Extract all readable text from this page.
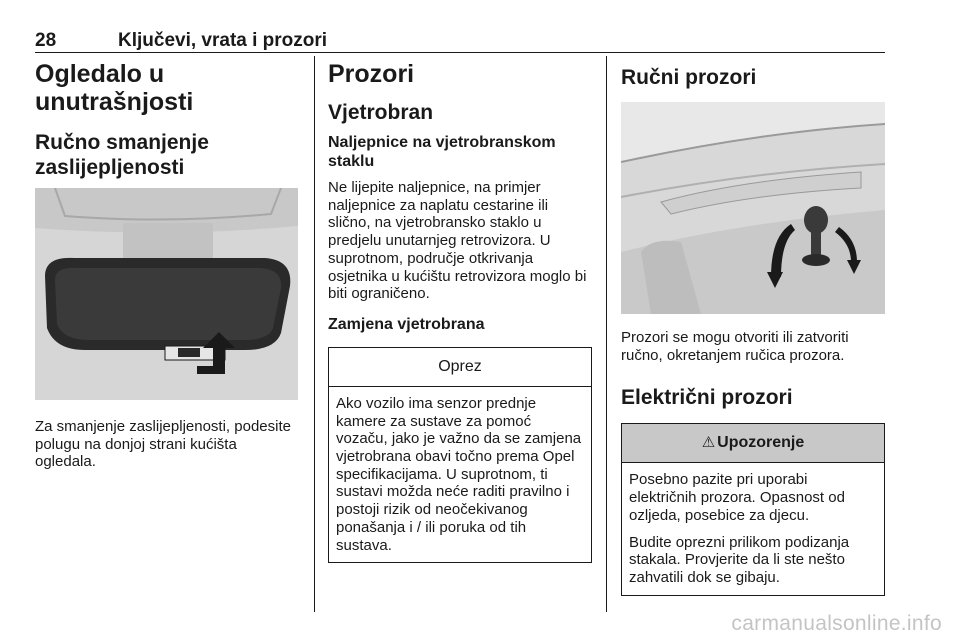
28	Ključevi, vrata i prozori
Ogledalo u unutrašnjosti
Ručno smanjenje zaslijepljenosti

Za smanjenje zaslijepljenosti, podesite polugu na donjoj strani kućišta ogledala.

Prozori
Vjetrobran
Naljepnice na vjetrobranskom staklu

Ne lijepite naljepnice, na primjer naljepnice za naplatu cestarine ili slično, na vjetrobransko staklo u predjelu unutarnjeg retrovizora. U suprotnom, područje otkrivanja osjetnika u kućištu retrovizora moglo bi biti ograničeno.

Zamjena vjetrobrana
Oprez

Ako vozilo ima senzor prednje kamere za sustave za pomoć vozaču, jako je važno da se zamjena vjetrobrana obavi točno prema Opel specifikacijama. U suprotnom, ti sustavi možda neće raditi pravilno i postoji rizik od neočekivanog ponašanja i / ili poruka od tih sustava.

Ručni prozori

Prozori se mogu otvoriti ili zatvoriti ručno, okretanjem ručica prozora.

Električni prozori
⚠ Upozorenje

Posebno pazite pri uporabi električnih prozora. Opasnost od ozljeda, posebice za djecu.

Budite oprezni prilikom podizanja stakala. Provjerite da li ste nešto zahvatili dok se gibaju.

carmanualsonline.info
